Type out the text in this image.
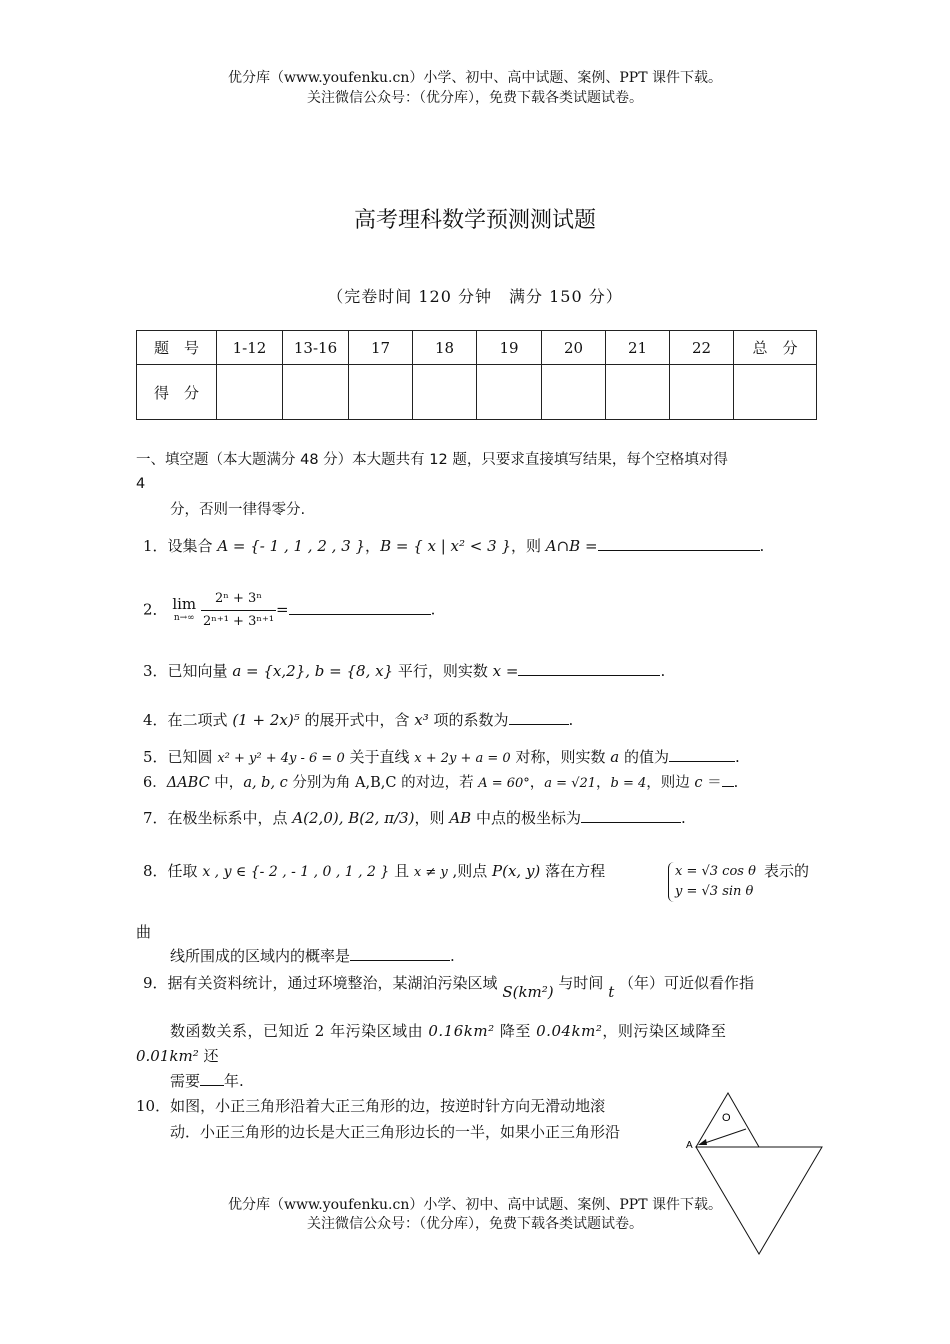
优分库（www.youfenku.cn）小学、初中、高中试题、案例、PPT 课件下载。
关注微信公众号：（优分库），免费下载各类试题试卷。
高考理科数学预测测试题
（完卷时间 120 分钟　满分 150 分）
题　号	1-12	13-16	17	18	19	20	21	22	总　分
得　分									
一、填空题（本大题满分 48 分）本大题共有 12 题，只要求直接填写结果，每个空格填对得
4
分，否则一律得零分.
1．设集合 A = {- 1 , 1 , 2 , 3 }，B = { x | x² < 3 }，则 A∩B =	.
2． lim
n→∞
$\frac{\text{2ⁿ + 3ⁿ}}{\text{2ⁿ⁺¹ + 3ⁿ⁺¹}}$ =	.
3．已知向量 a = {x,2}, b = {8, x} 平行，则实数 x =	.
4．在二项式 (1 + 2x)⁵ 的展开式中，含 x³ 项的系数为	.
5．已知圆 x² + y² + 4y - 6 = 0 关于直线 x + 2y + a = 0 对称，则实数 a 的值为	.
6．ΔABC 中，a, b, c 分别为角 A,B,C 的对边，若 A = 60°，a = √21，b = 4，则边 c ＝ .
7．在极坐标系中，点 A(2,0), B(2, π/3)，则 AB 中点的极坐标为	.
8．任取 x , y ∈ {- 2 , - 1 , 0 , 1 , 2 } 且 x ≠ y ,则点 P(x, y) 落在方程	x = √3 cos θ
y = √3 sin θ
表示的
曲
线所围成的区域内的概率是	.
9．据有关资料统计，通过环境整治，某湖泊污染区域 S(km²) 与时间 t （年）可近似看作指
数函数关系，已知近 2 年污染区域由 0.16km² 降至 0.04km²，则污染区域降至
0.01km² 还
需要 年.
10．如图，小正三角形沿着大正三角形的边，按逆时针方向无滑动地滚
动．小正三角形的边长是大正三角形边长的一半，如果小正三角形沿
O
A
优分库（www.youfenku.cn）小学、初中、高中试题、案例、PPT 课件下载。
关注微信公众号：（优分库），免费下载各类试题试卷。
